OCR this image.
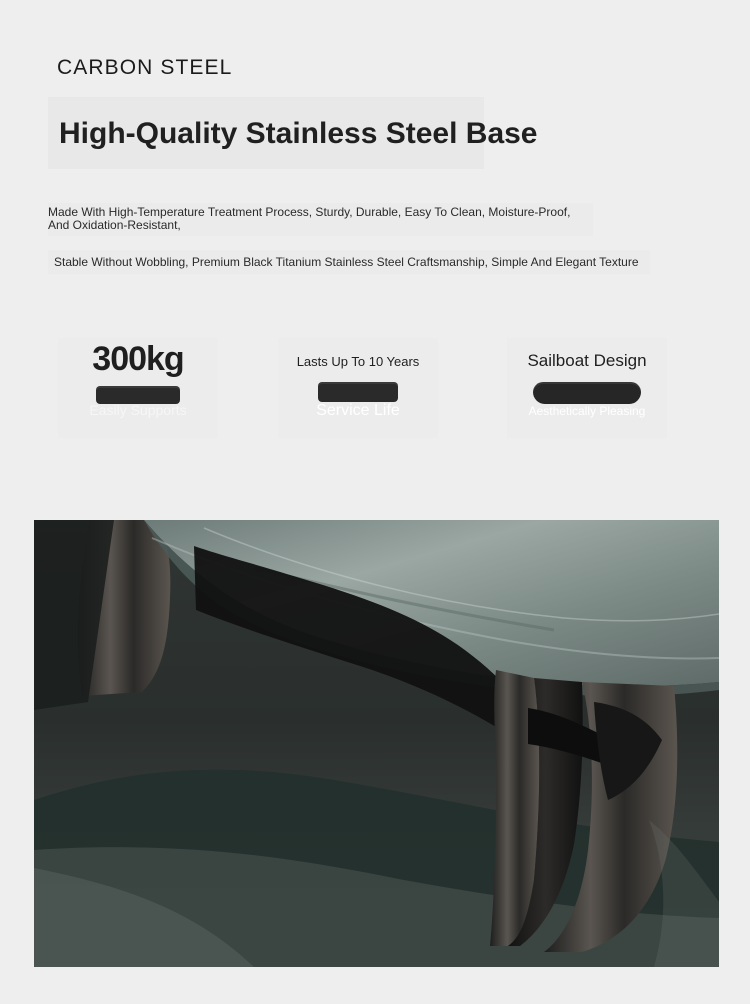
CARBON STEEL
High-Quality Stainless Steel Base
Made With High-Temperature Treatment Process, Sturdy, Durable, Easy To Clean, Moisture-Proof, And Oxidation-Resistant,
Stable Without Wobbling, Premium Black Titanium Stainless Steel Craftsmanship, Simple And Elegant Texture
300kg
Easily Supports
Lasts Up To 10 Years
Service Life
Sailboat Design
Aesthetically Pleasing
